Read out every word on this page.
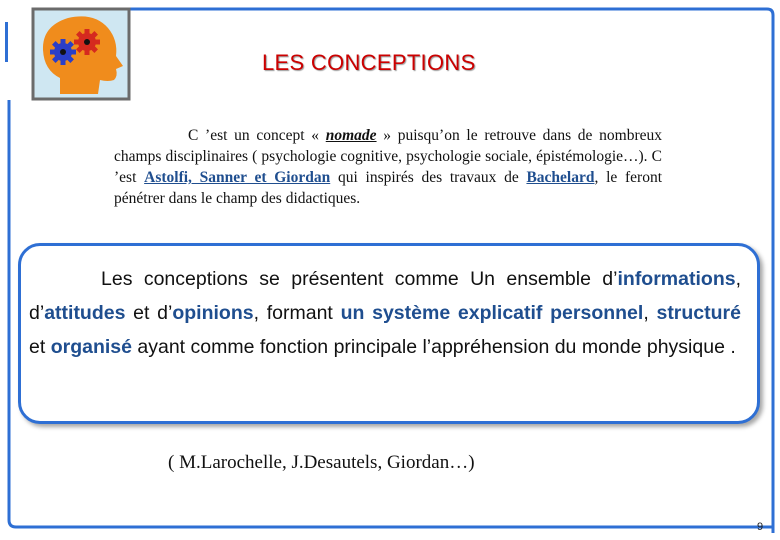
LES CONCEPTIONS

C ’est un concept « nomade » puisqu’on le retrouve dans de nombreux champs disciplinaires ( psychologie cognitive, psychologie sociale, épistémologie…). C ’est Astolfi, Sanner et Giordan qui inspirés des travaux de Bachelard, le feront pénétrer dans le champ des didactiques.

Les conceptions se présentent comme Un ensemble d’informations, d’attitudes et d’opinions, formant un système explicatif personnel, structuré et organisé ayant comme fonction principale l’appréhension du monde physique .

( M.Larochelle, J.Desautels, Giordan…)
9
